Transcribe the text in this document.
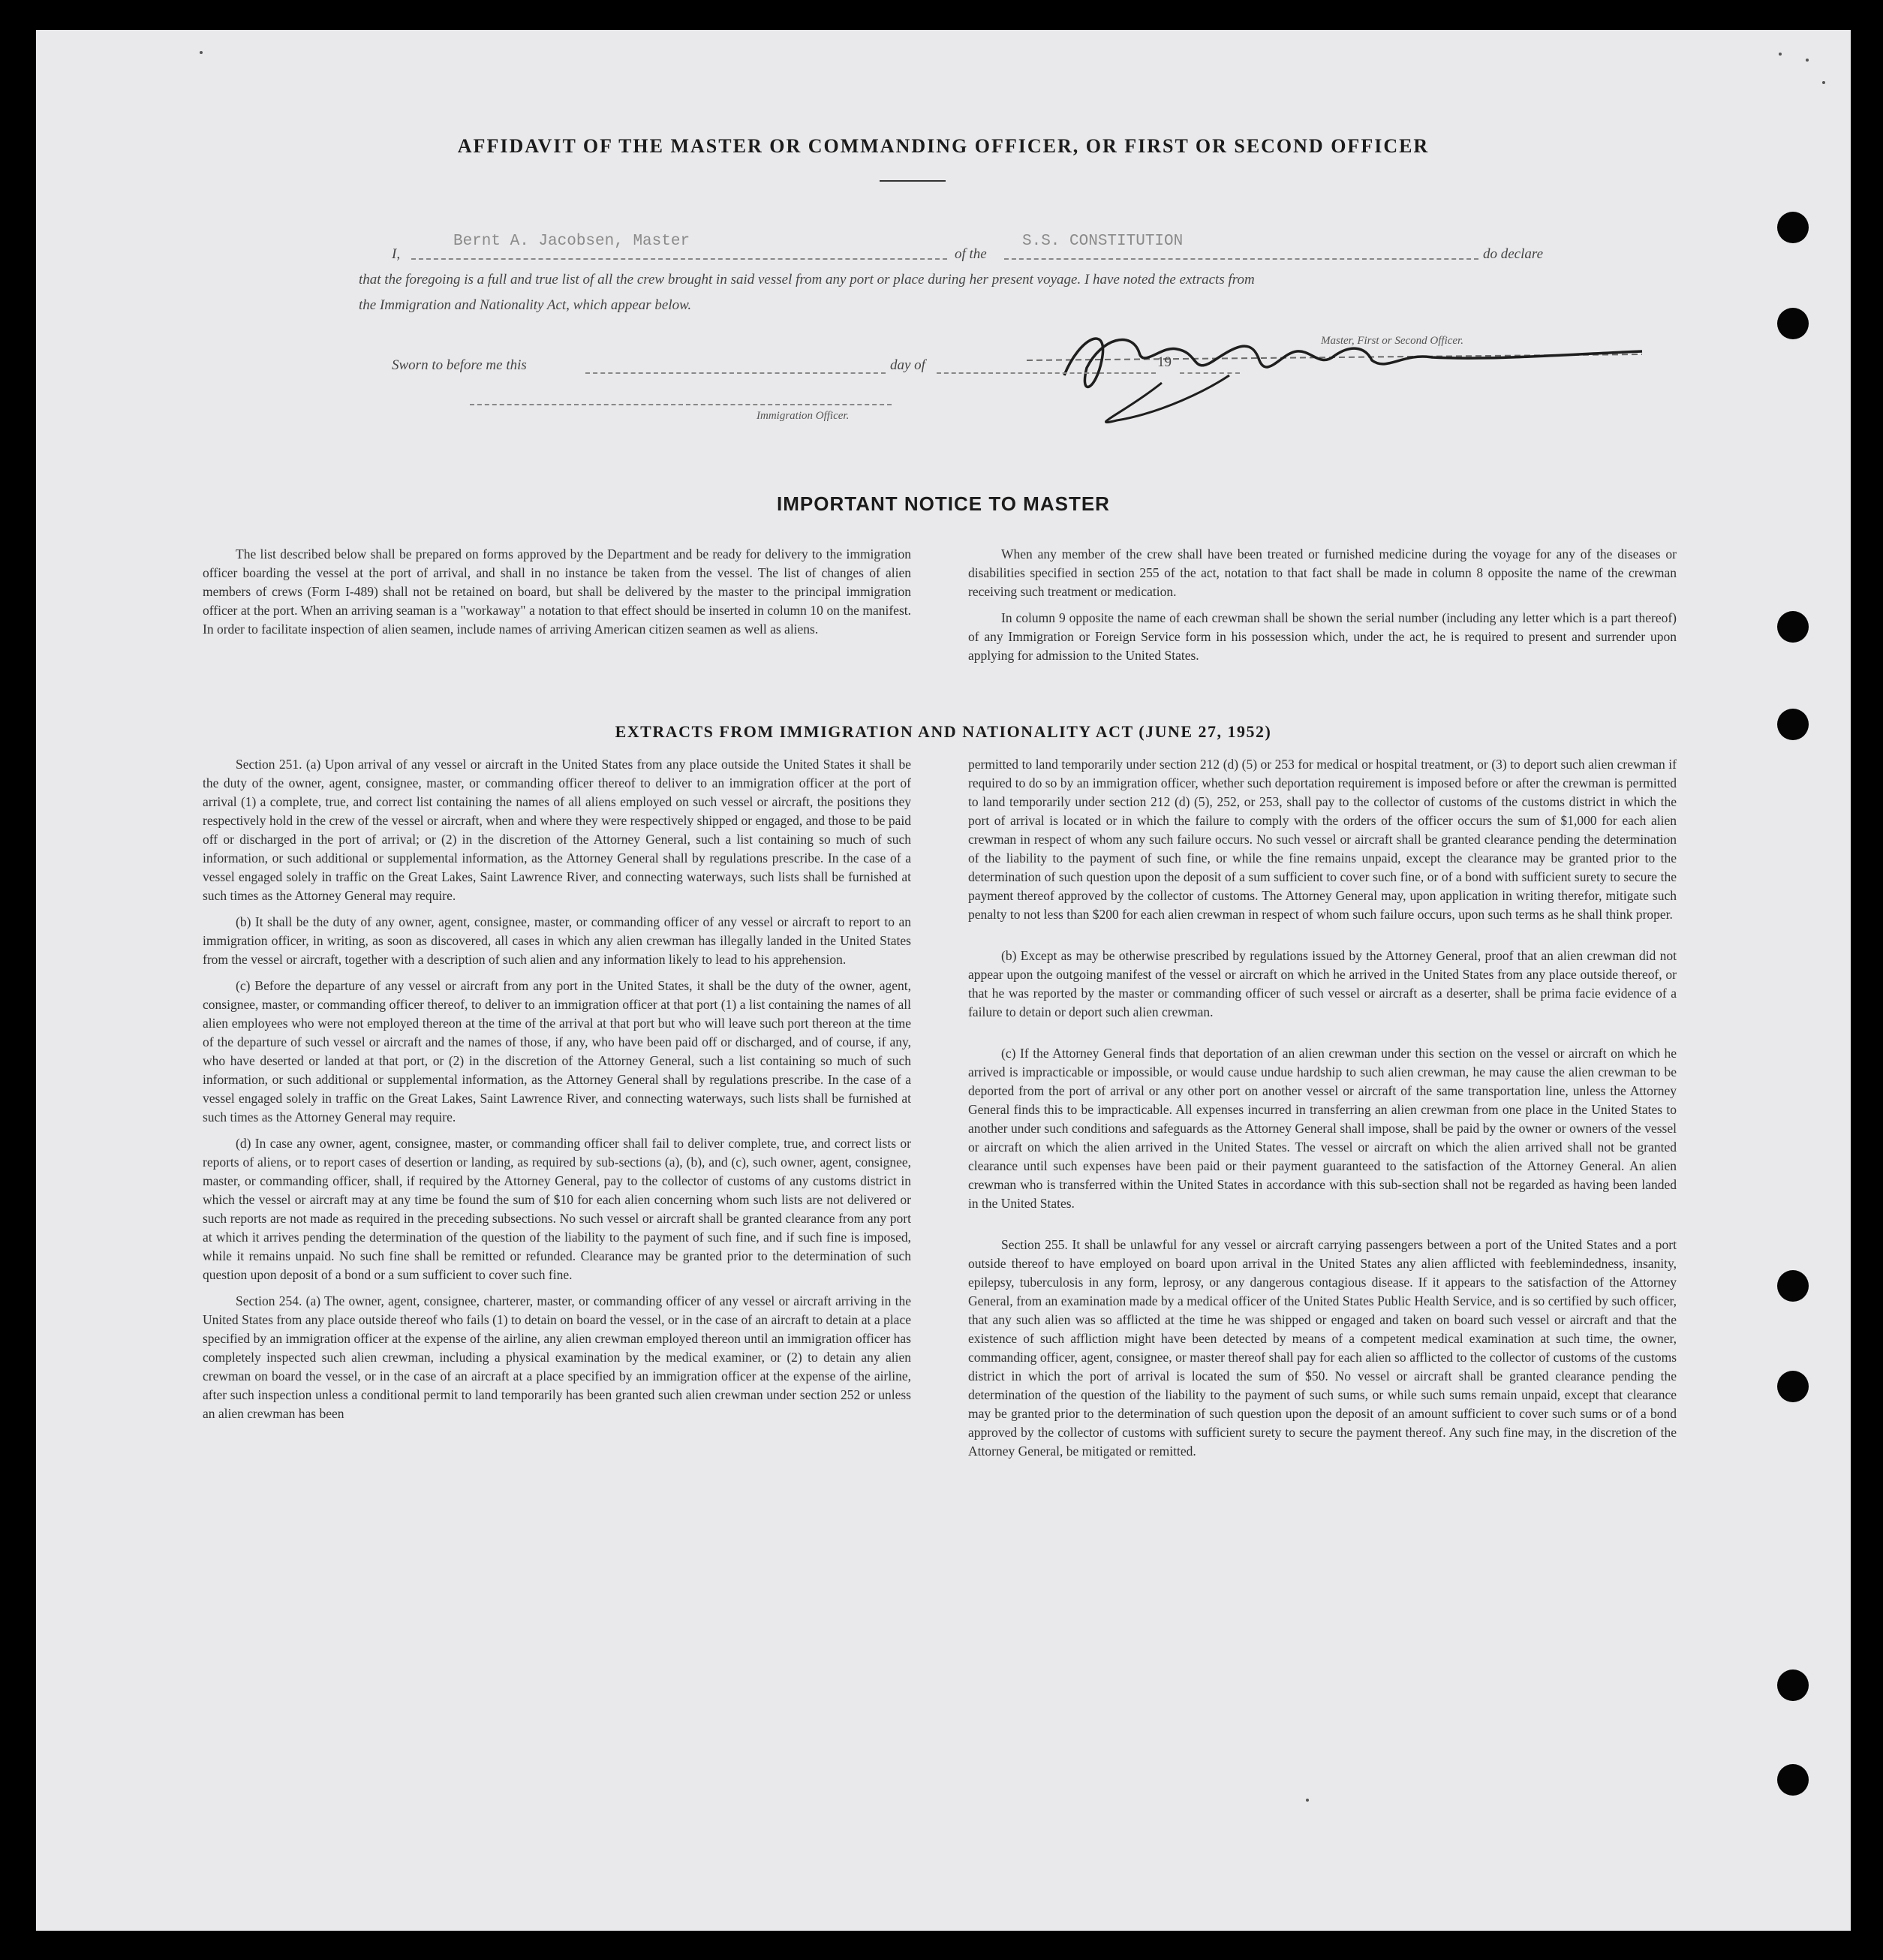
AFFIDAVIT OF THE MASTER OR COMMANDING OFFICER, OR FIRST OR SECOND OFFICER
I,
Bernt A. Jacobsen, Master
of the
S.S. CONSTITUTION
do declare
that the foregoing is a full and true list of all the crew brought in said vessel from any port or place during her present voyage. I have noted the extracts from
the Immigration and Nationality Act, which appear below.
Master, First or Second Officer.
Sworn to before me this	day of	19
Immigration Officer.
IMPORTANT NOTICE TO MASTER

The list described below shall be prepared on forms approved by the Department and be ready for delivery to the immigration officer boarding the vessel at the port of arrival, and shall in no instance be taken from the vessel. The list of changes of alien members of crews (Form I-489) shall not be retained on board, but shall be delivered by the master to the principal immigration officer at the port. When an arriving seaman is a "workaway" a notation to that effect should be inserted in column 10 on the manifest. In order to facilitate inspection of alien seamen, include names of arriving American citizen seamen as well as aliens.

When any member of the crew shall have been treated or furnished medicine during the voyage for any of the diseases or disabilities specified in section 255 of the act, notation to that fact shall be made in column 8 opposite the name of the crewman receiving such treatment or medication.

In column 9 opposite the name of each crewman shall be shown the serial number (including any letter which is a part thereof) of any Immigration or Foreign Service form in his possession which, under the act, he is required to present and surrender upon applying for admission to the United States.

EXTRACTS FROM IMMIGRATION AND NATIONALITY ACT (JUNE 27, 1952)

Section 251. (a) Upon arrival of any vessel or aircraft in the United States from any place outside the United States it shall be the duty of the owner, agent, consignee, master, or commanding officer thereof to deliver to an immigration officer at the port of arrival (1) a complete, true, and correct list containing the names of all aliens employed on such vessel or aircraft, the positions they respectively hold in the crew of the vessel or aircraft, when and where they were respectively shipped or engaged, and those to be paid off or discharged in the port of arrival; or (2) in the discretion of the Attorney General, such a list containing so much of such information, or such additional or supplemental information, as the Attorney General shall by regulations prescribe. In the case of a vessel engaged solely in traffic on the Great Lakes, Saint Lawrence River, and connecting waterways, such lists shall be furnished at such times as the Attorney General may require.

(b) It shall be the duty of any owner, agent, consignee, master, or commanding officer of any vessel or aircraft to report to an immigration officer, in writing, as soon as discovered, all cases in which any alien crewman has illegally landed in the United States from the vessel or aircraft, together with a description of such alien and any information likely to lead to his apprehension.

(c) Before the departure of any vessel or aircraft from any port in the United States, it shall be the duty of the owner, agent, consignee, master, or commanding officer thereof, to deliver to an immigration officer at that port (1) a list containing the names of all alien employees who were not employed thereon at the time of the arrival at that port but who will leave such port thereon at the time of the departure of such vessel or aircraft and the names of those, if any, who have been paid off or discharged, and of course, if any, who have deserted or landed at that port, or (2) in the discretion of the Attorney General, such a list containing so much of such information, or such additional or supplemental information, as the Attorney General shall by regulations prescribe. In the case of a vessel engaged solely in traffic on the Great Lakes, Saint Lawrence River, and connecting waterways, such lists shall be furnished at such times as the Attorney General may require.

(d) In case any owner, agent, consignee, master, or commanding officer shall fail to deliver complete, true, and correct lists or reports of aliens, or to report cases of desertion or landing, as required by sub-sections (a), (b), and (c), such owner, agent, consignee, master, or commanding officer, shall, if required by the Attorney General, pay to the collector of customs of any customs district in which the vessel or aircraft may at any time be found the sum of $10 for each alien concerning whom such lists are not delivered or such reports are not made as required in the preceding subsections. No such vessel or aircraft shall be granted clearance from any port at which it arrives pending the determination of the question of the liability to the payment of such fine, and if such fine is imposed, while it remains unpaid. No such fine shall be remitted or refunded. Clearance may be granted prior to the determination of such question upon deposit of a bond or a sum sufficient to cover such fine.

Section 254. (a) The owner, agent, consignee, charterer, master, or commanding officer of any vessel or aircraft arriving in the United States from any place outside thereof who fails (1) to detain on board the vessel, or in the case of an aircraft to detain at a place specified by an immigration officer at the expense of the airline, any alien crewman employed thereon until an immigration officer has completely inspected such alien crewman, including a physical examination by the medical examiner, or (2) to detain any alien crewman on board the vessel, or in the case of an aircraft at a place specified by an immigration officer at the expense of the airline, after such inspection unless a conditional permit to land temporarily has been granted such alien crewman under section 252 or unless an alien crewman has been

permitted to land temporarily under section 212 (d) (5) or 253 for medical or hospital treatment, or (3) to deport such alien crewman if required to do so by an immigration officer, whether such deportation requirement is imposed before or after the crewman is permitted to land temporarily under section 212 (d) (5), 252, or 253, shall pay to the collector of customs of the customs district in which the port of arrival is located or in which the failure to comply with the orders of the officer occurs the sum of $1,000 for each alien crewman in respect of whom any such failure occurs. No such vessel or aircraft shall be granted clearance pending the determination of the liability to the payment of such fine, or while the fine remains unpaid, except the clearance may be granted prior to the determination of such question upon the deposit of a sum sufficient to cover such fine, or of a bond with sufficient surety to secure the payment thereof approved by the collector of customs. The Attorney General may, upon application in writing therefor, mitigate such penalty to not less than $200 for each alien crewman in respect of whom such failure occurs, upon such terms as he shall think proper.

(b) Except as may be otherwise prescribed by regulations issued by the Attorney General, proof that an alien crewman did not appear upon the outgoing manifest of the vessel or aircraft on which he arrived in the United States from any place outside thereof, or that he was reported by the master or commanding officer of such vessel or aircraft as a deserter, shall be prima facie evidence of a failure to detain or deport such alien crewman.

(c) If the Attorney General finds that deportation of an alien crewman under this section on the vessel or aircraft on which he arrived is impracticable or impossible, or would cause undue hardship to such alien crewman, he may cause the alien crewman to be deported from the port of arrival or any other port on another vessel or aircraft of the same transportation line, unless the Attorney General finds this to be impracticable. All expenses incurred in transferring an alien crewman from one place in the United States to another under such conditions and safeguards as the Attorney General shall impose, shall be paid by the owner or owners of the vessel or aircraft on which the alien arrived in the United States. The vessel or aircraft on which the alien arrived shall not be granted clearance until such expenses have been paid or their payment guaranteed to the satisfaction of the Attorney General. An alien crewman who is transferred within the United States in accordance with this sub-section shall not be regarded as having been landed in the United States.

Section 255. It shall be unlawful for any vessel or aircraft carrying passengers between a port of the United States and a port outside thereof to have employed on board upon arrival in the United States any alien afflicted with feeblemindedness, insanity, epilepsy, tuberculosis in any form, leprosy, or any dangerous contagious disease. If it appears to the satisfaction of the Attorney General, from an examination made by a medical officer of the United States Public Health Service, and is so certified by such officer, that any such alien was so afflicted at the time he was shipped or engaged and taken on board such vessel or aircraft and that the existence of such affliction might have been detected by means of a competent medical examination at such time, the owner, commanding officer, agent, consignee, or master thereof shall pay for each alien so afflicted to the collector of customs of the customs district in which the port of arrival is located the sum of $50. No vessel or aircraft shall be granted clearance pending the determination of the question of the liability to the payment of such sums, or while such sums remain unpaid, except that clearance may be granted prior to the determination of such question upon the deposit of an amount sufficient to cover such sums or of a bond approved by the collector of customs with sufficient surety to secure the payment thereof. Any such fine may, in the discretion of the Attorney General, be mitigated or remitted.
